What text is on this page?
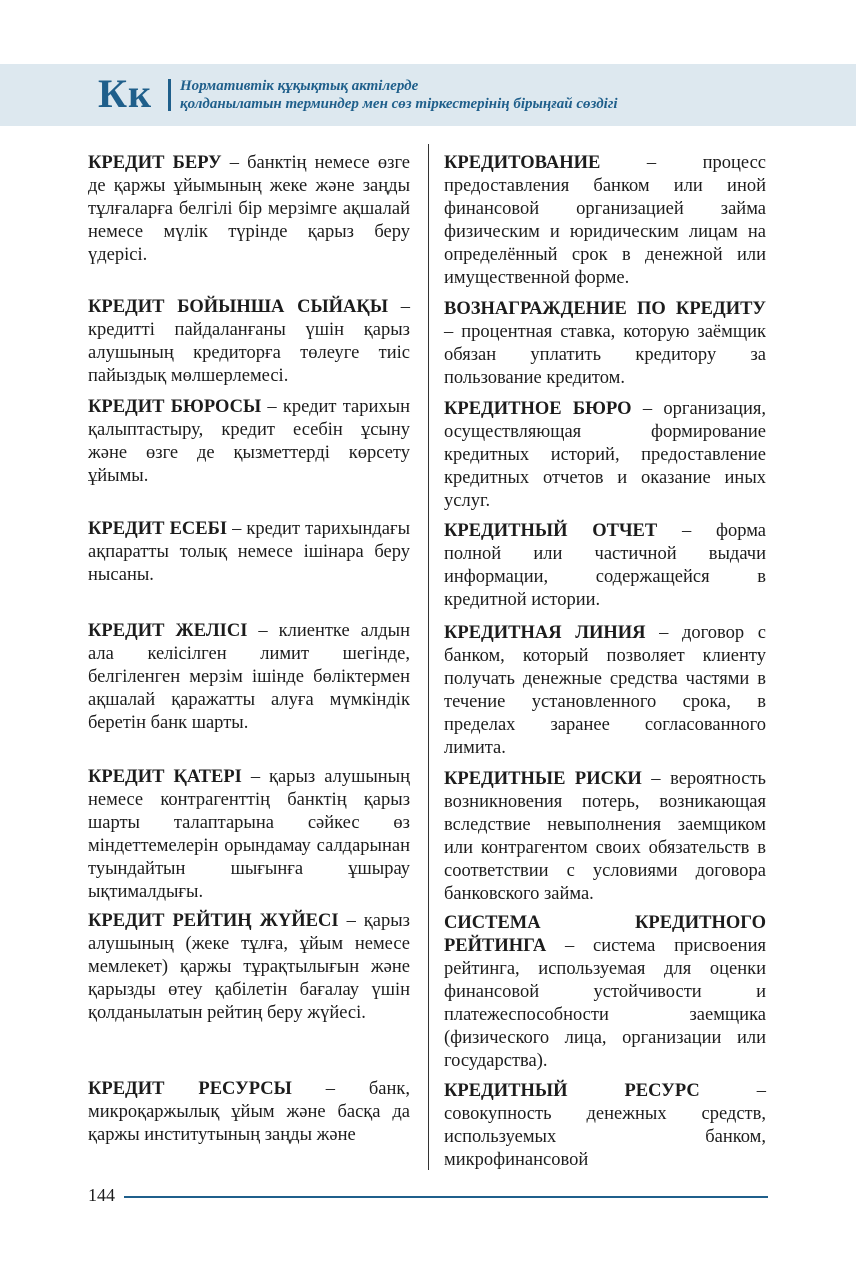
Кк Нормативтік құқықтық актілерде
қолданылатын терминдер мен сөз тіркестерінің бірыңғай сөздігі
КРЕДИТ БЕРУ – банктің немесе өзге де қаржы ұйымының жеке және заңды тұлғаларға белгілі бір мерзімге ақшалай немесе мүлік түрінде қарыз беру үдерісі.
КРЕДИТ БОЙЫНША СЫЙАҚЫ – кредитті пайдаланғаны үшін қарыз алушының кредиторға төлеуге тиіс пайыздық мөлшерлемесі.
КРЕДИТ БЮРОСЫ – кредит тарихын қалыптастыру, кредит есебін ұсыну және өзге де қызметтерді көрсету ұйымы.
КРЕДИТ ЕСЕБІ – кредит тарихындағы ақпаратты толық немесе ішінара беру нысаны.
КРЕДИТ ЖЕЛІСІ – клиентке алдын ала келісілген лимит шегінде, белгіленген мерзім ішінде бөліктермен ақшалай қаражатты алуға мүмкіндік беретін банк шарты.
КРЕДИТ ҚАТЕРІ – қарыз алушының немесе контрагенттің банктің қарыз шарты талаптарына сәйкес өз міндеттемелерін орындамау салдарынан туындайтын шығынға ұшырау ықтималдығы.
КРЕДИТ РЕЙТИҢ ЖҮЙЕСІ – қарыз алушының (жеке тұлға, ұйым немесе мемлекет) қаржы тұрақтылығын және қарызды өтеу қабілетін бағалау үшін қолданылатын рейтиң беру жүйесі.
КРЕДИТ РЕСУРСЫ – банк, микроқаржылық ұйым және басқа да қаржы институтының заңды және
КРЕДИТОВАНИЕ – процесс предоставления банком или иной финансовой организацией займа физическим и юридическим лицам на определённый срок в денежной или имущественной форме.
ВОЗНАГРАЖДЕНИЕ ПО КРЕДИТУ – процентная ставка, которую заёмщик обязан уплатить кредитору за пользование кредитом.
КРЕДИТНОЕ БЮРО – организация, осуществляющая формирование кредитных историй, предоставление кредитных отчетов и оказание иных услуг.
КРЕДИТНЫЙ ОТЧЕТ – форма полной или частичной выдачи информации, содержащейся в кредитной истории.
КРЕДИТНАЯ ЛИНИЯ – договор с банком, который позволяет клиенту получать денежные средства частями в течение установленного срока, в пределах заранее согласованного лимита.
КРЕДИТНЫЕ РИСКИ – вероятность возникновения потерь, возникающая вследствие невыполнения заемщиком или контрагентом своих обязательств в соответствии с условиями договора банковского займа.
СИСТЕМА КРЕДИТНОГО РЕЙТИНГА – система присвоения рейтинга, используемая для оценки финансовой устойчивости и платежеспособности заемщика (физического лица, организации или государства).
КРЕДИТНЫЙ РЕСУРС – совокупность денежных средств, используемых банком, микрофинансовой
144
